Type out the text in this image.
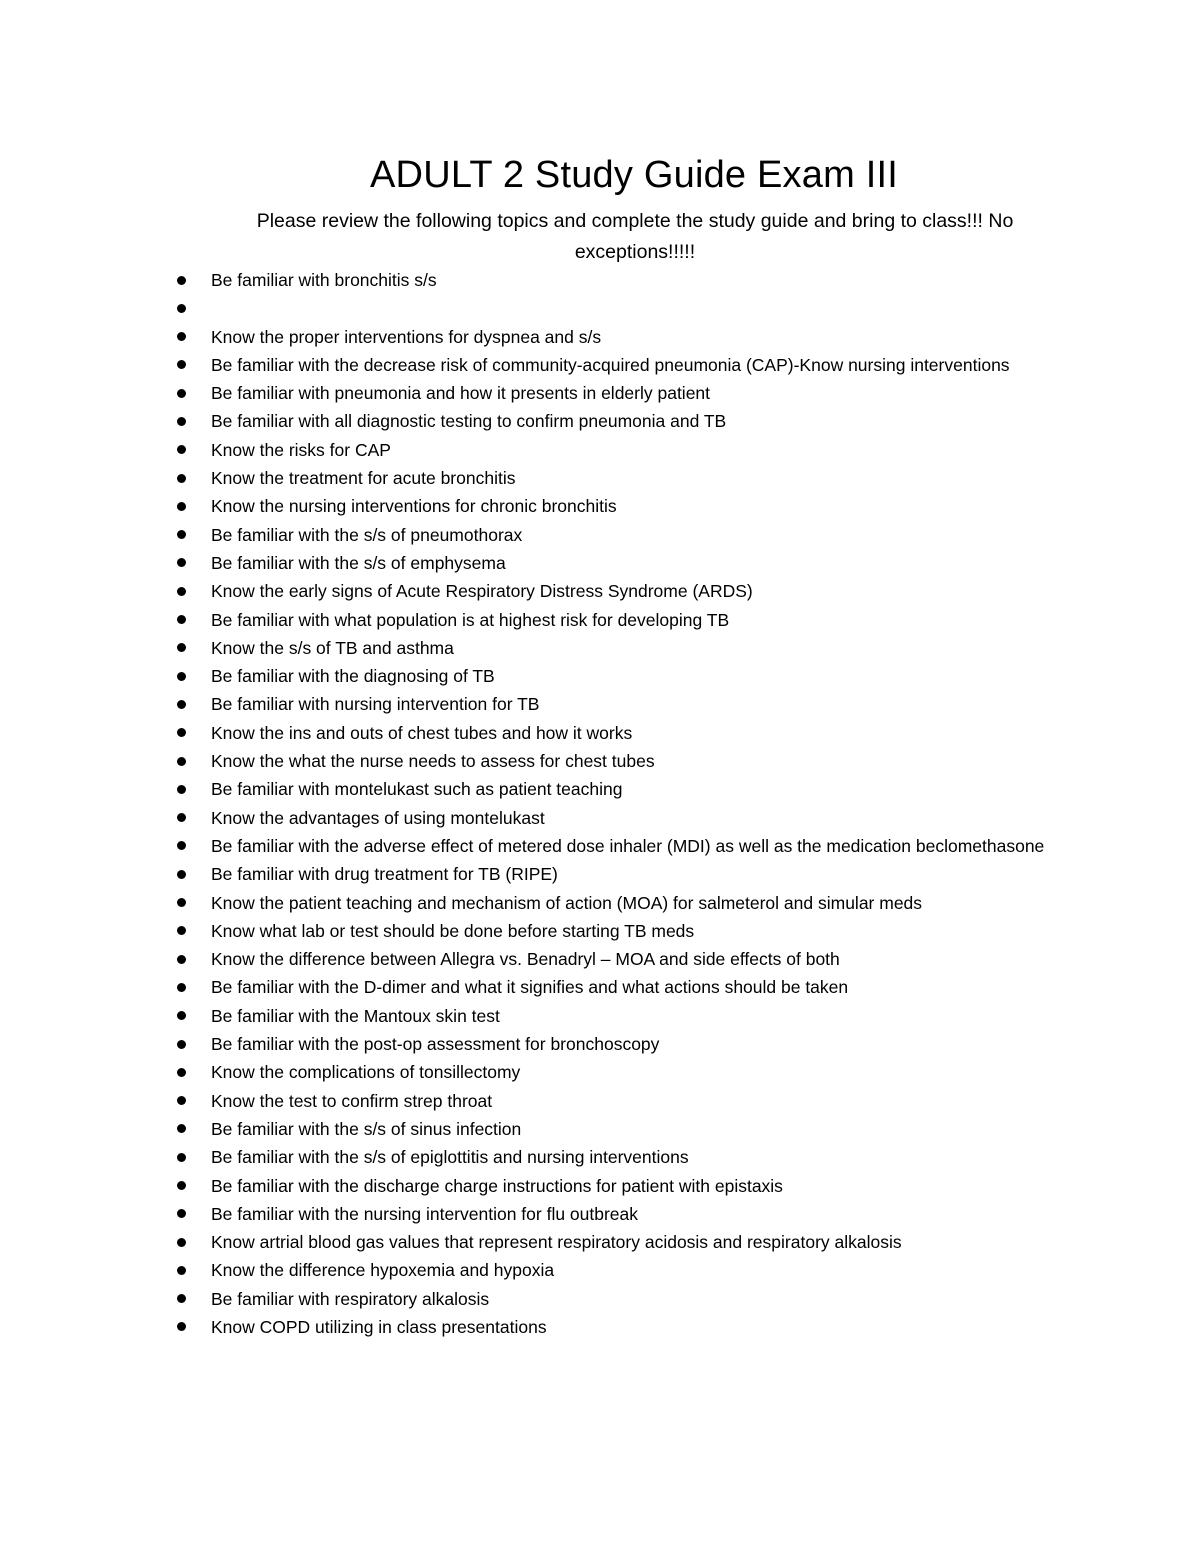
ADULT 2 Study Guide Exam III

Please review the following topics and complete the study guide and bring to class!!! No exceptions!!!!!

Be familiar with bronchitis s/s
Know the proper interventions for dyspnea and s/s
Be familiar with the decrease risk of community-acquired pneumonia (CAP)-Know nursing interventions
Be familiar with pneumonia and how it presents in elderly patient
Be familiar with all diagnostic testing to confirm pneumonia and TB
Know the risks for CAP
Know the treatment for acute bronchitis
Know the nursing interventions for chronic bronchitis
Be familiar with the s/s of pneumothorax
Be familiar with the s/s of emphysema
Know the early signs of Acute Respiratory Distress Syndrome (ARDS)
Be familiar with what population is at highest risk for developing TB
Know the s/s of TB and asthma
Be familiar with the diagnosing of TB
Be familiar with nursing intervention for TB
Know the ins and outs of chest tubes and how it works
Know the what the nurse needs to assess for chest tubes
Be familiar with montelukast such as patient teaching
Know the advantages of using montelukast
Be familiar with the adverse effect of metered dose inhaler (MDI) as well as the medication beclomethasone
Be familiar with drug treatment for TB (RIPE)
Know the patient teaching and mechanism of action (MOA) for salmeterol and simular meds
Know what lab or test should be done before starting TB meds
Know the difference between Allegra vs. Benadryl – MOA and side effects of both
Be familiar with the D-dimer and what it signifies and what actions should be taken
Be familiar with the Mantoux skin test
Be familiar with the post-op assessment for bronchoscopy
Know the complications of tonsillectomy
Know the test to confirm strep throat
Be familiar with the s/s of sinus infection
Be familiar with the s/s of epiglottitis and nursing interventions
Be familiar with the discharge charge instructions for patient with epistaxis
Be familiar with the nursing intervention for flu outbreak
Know artrial blood gas values that represent respiratory acidosis and respiratory alkalosis
Know the difference hypoxemia and hypoxia
Be familiar with respiratory alkalosis
Know COPD utilizing in class presentations
